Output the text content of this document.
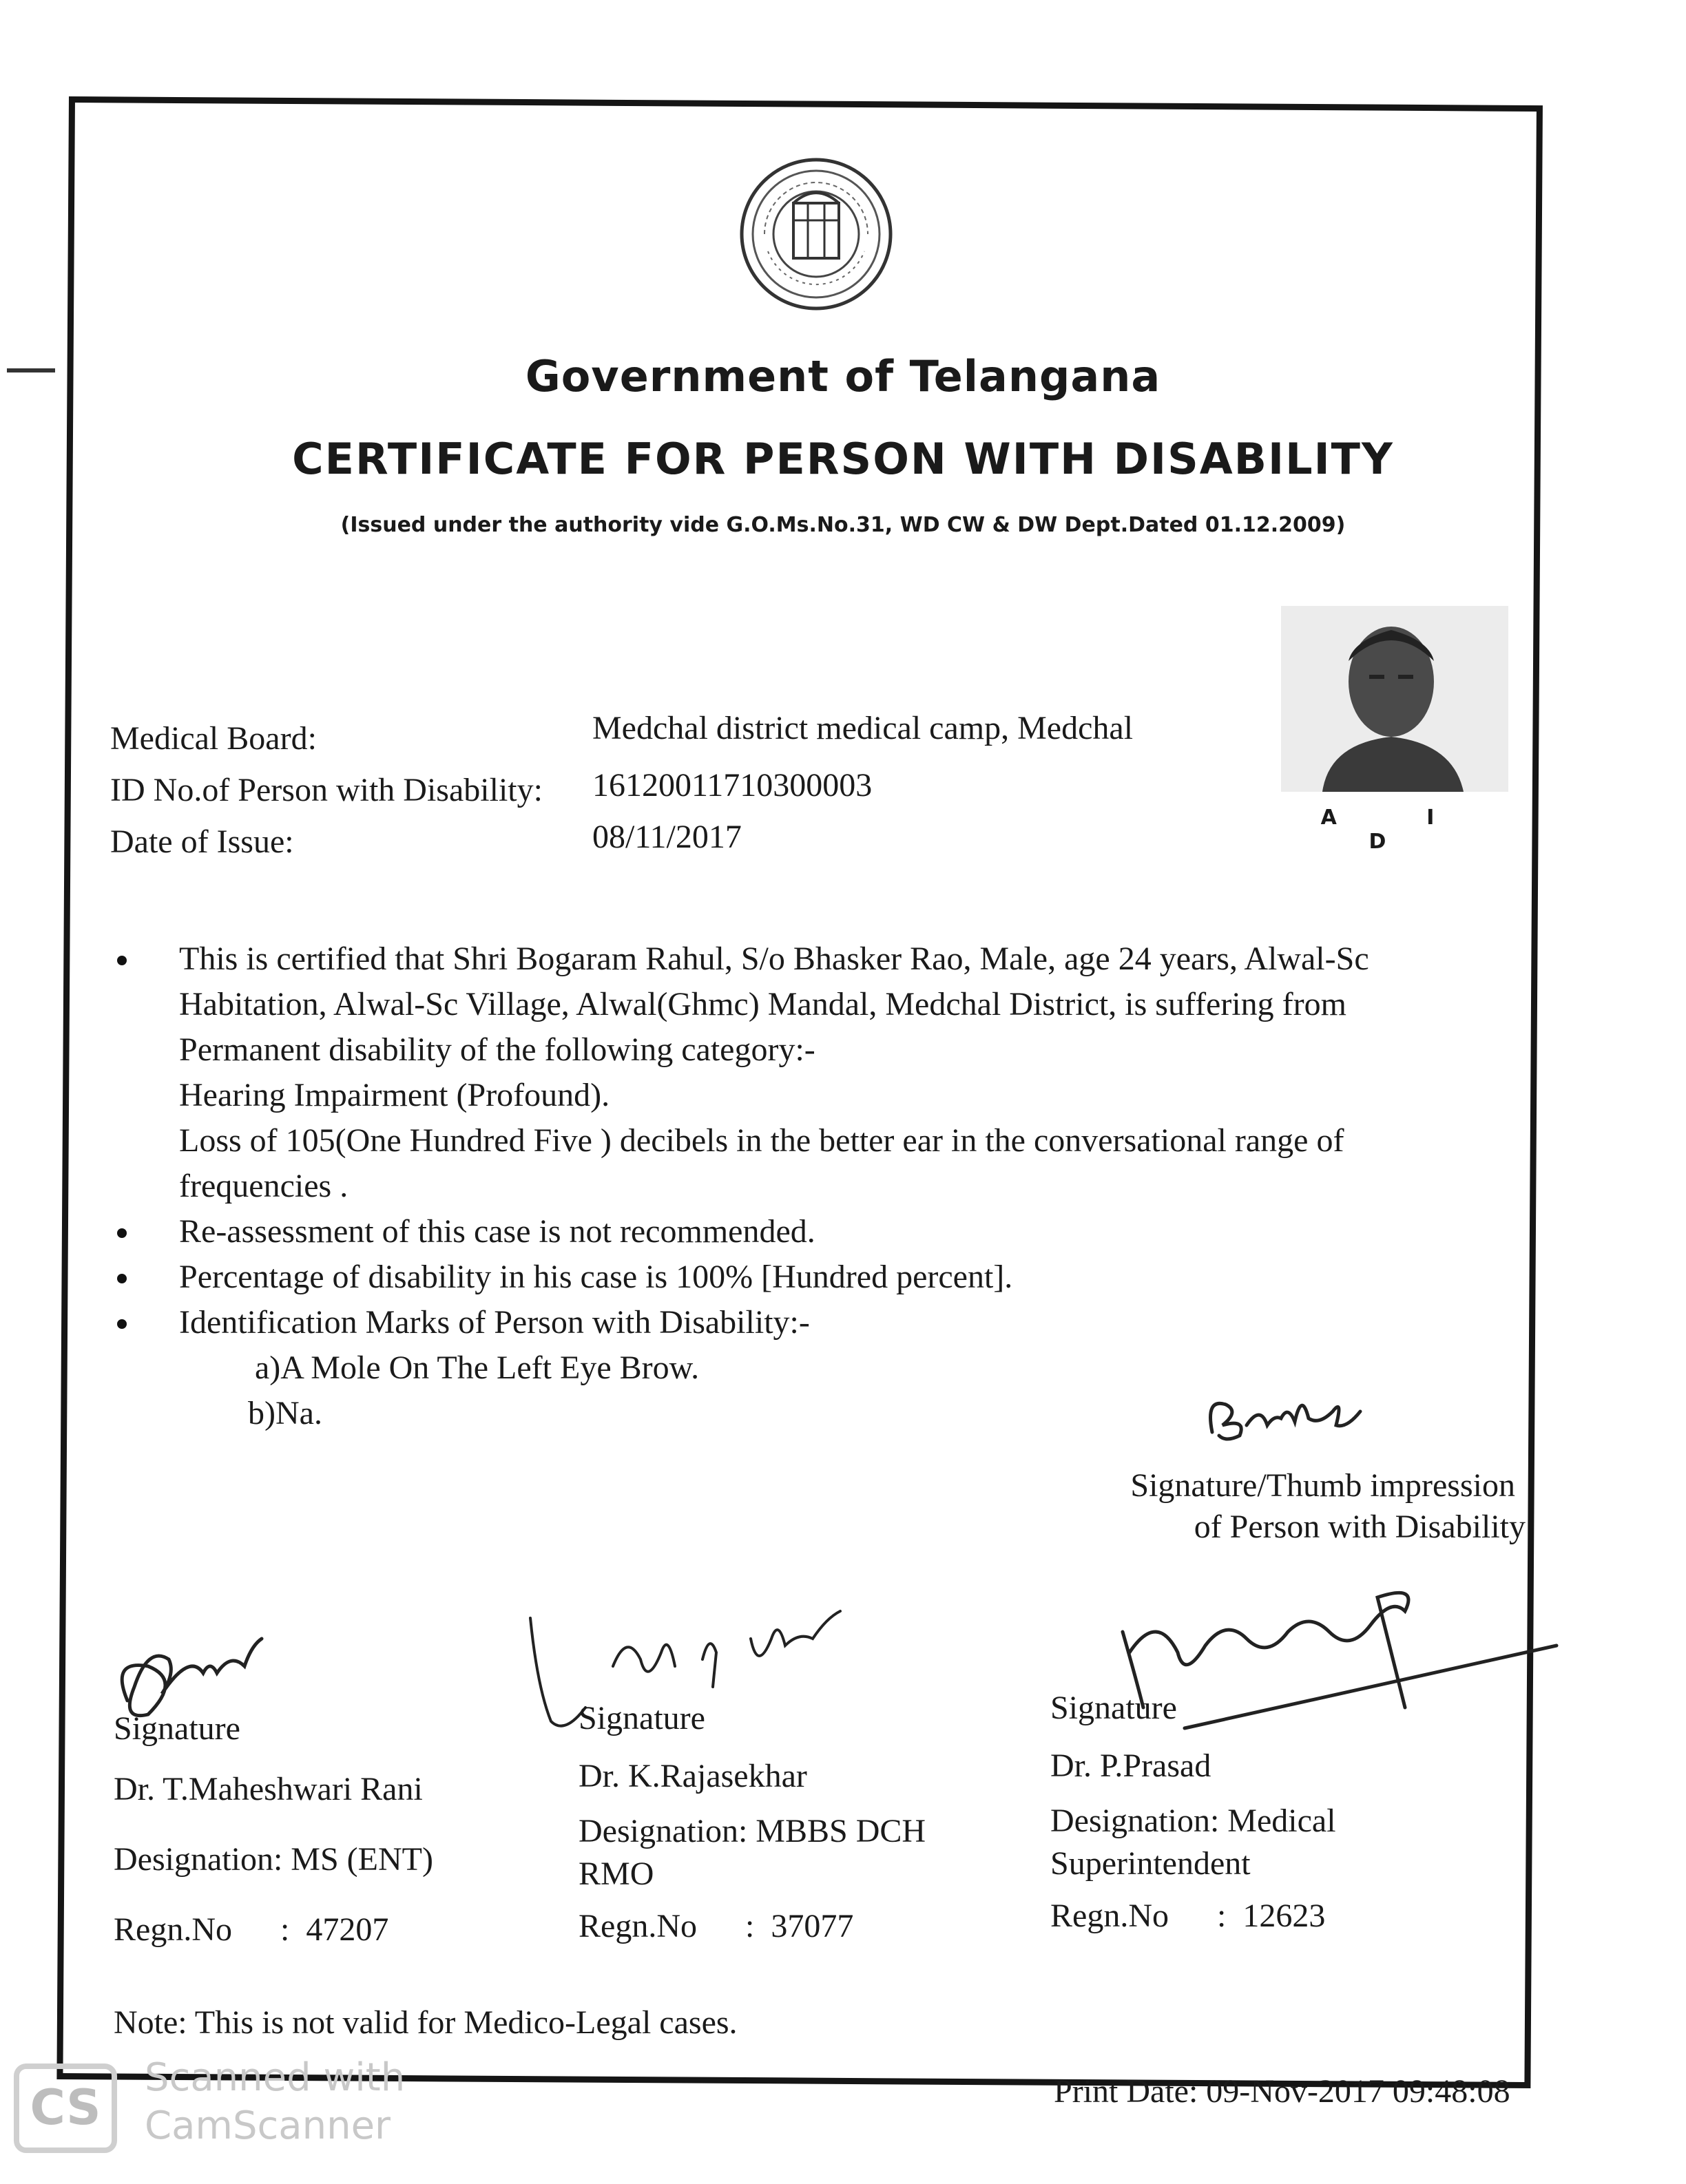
Government of Telangana
CERTIFICATE FOR PERSON WITH DISABILITY
(Issued under the authority vide G.O.Ms.No.31, WD CW & DW Dept.Dated 01.12.2009)
A I D
Medical Board:	Medchal district medical camp, Medchal
ID No.of Person with Disability: 16120011710300003
Date of Issue:	08/11/2017
This is certified that Shri Bogaram Rahul, S/o Bhasker Rao, Male, age 24 years, Alwal-Sc
Habitation, Alwal-Sc Village, Alwal(Ghmc) Mandal, Medchal District, is suffering from
Permanent disability of the following category:-
Hearing Impairment (Profound).
Loss of 105(One Hundred Five ) decibels in the better ear in the conversational range of
frequencies .
Re-assessment of this case is not recommended.
Percentage of disability in his case is 100% [Hundred percent].
Identification Marks of Person with Disability:-
a)A Mole On The Left Eye Brow.
b)Na.
Signature/Thumb impression
of Person with Disability
Signature
Dr. T.Maheshwari Rani
Designation: MS (ENT)
Regn.No :  47207
Signature
Dr. K.Rajasekhar
Designation: MBBS DCH
RMO
Regn.No :  37077
Signature
Dr. P.Prasad
Designation: Medical
Superintendent
Regn.No :  12623
Note: This is not valid for Medico-Legal cases.
CS
Scanned with
CamScanner
Print Date: 09-Nov-2017 09:48:08
